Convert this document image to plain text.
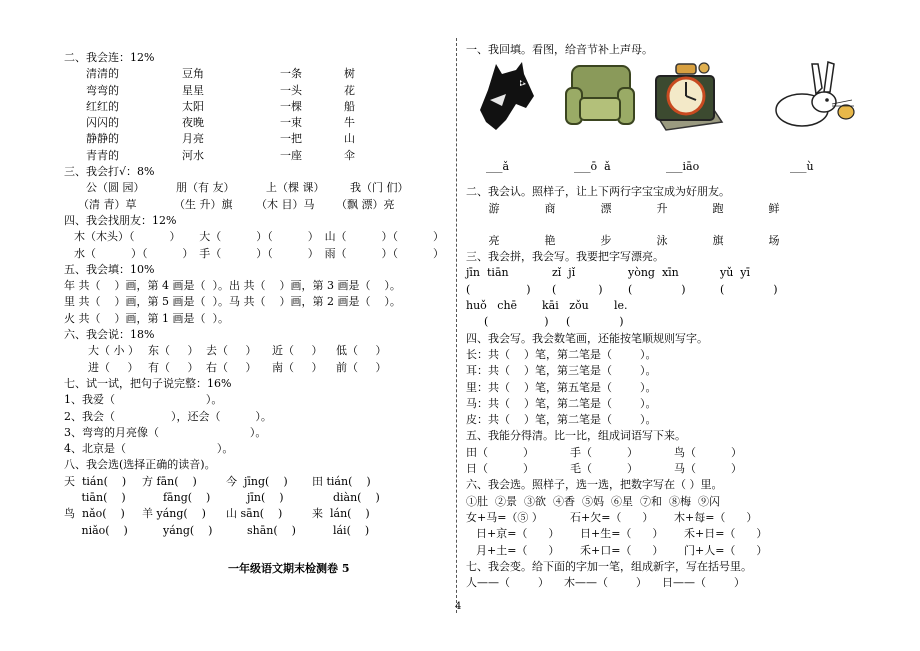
二、我会连：12%
清清的	豆角	一条	树
弯弯的	星星	一头	花
红红的	太阳	一棵	船
闪闪的	夜晚	一束	牛
静静的	月亮	一把	山
青青的	河水	一座	伞
三、我会打√：8%
公（圆 园）	朋（有 友）	上（棵 课）	我（门 们）
（清 青）草	（生 升）旗	（木 目）马	（飘 漂）亮
四、我会找朋友：12%
木（木头）（          ）	大（          ）（          ） 山（          ）（          ）
水（          ）（          ） 手（          ）（          ） 雨（          ）（          ）
五、我会填：10%
年 共（    ）画，第 4 画是（  ）。出 共（    ）画，第 3 画是（    ）。
里 共（    ）画，第 5 画是（  ）。马 共（    ）画，第 2 画是（    ）。
火 共（    ）画，第 1 画是（  ）。
六、我会说：18%
大（ 小 ） 东（     ） 去（     ）	近（     ）	低（     ）
进（     ） 有（     ） 右（     ）	南（     ）	前（     ）
七、试一试，把句子说完整：16%
1、我爱（                          ）。
2、我会（                ），还会（          ）。
3、弯弯的月亮像（                          ）。
4、北京是（                          ）。
八、我会选(选择正确的读音)。
天  tián(    )	方 fān(    )	今  jīng(    )	田 tián(    )
tiān(    )	fāng(    )	jīn(    )	diàn(    )
鸟  nǎo(    )	羊 yáng(    )	山 sān(    )	来  lán(    )
niǎo(    )	yáng(    )	shān(    )	lái(    )
一年级语文期末检测卷 5
一、我回填。看图，给音节补上声母。
___ǎ	___ō  ǎ	___iāo	___ù
二、我会认。照样子，让上下两行字宝宝成为好朋友。
游	商	漂	升	跑	鲜
亮	艳	步	泳	旗	场
三、我会拼，我会写。我要把字写漂亮。
jīn  tiān	zǐ  jǐ	yòng  xīn	yǔ  yī
(                )	(            )	(              )	(              )
huǒ   chē	kāi   zǒu	le.
(                )	(              )
四、我会写。我会数笔画，还能按笔顺规则写字。
长：共（    ）笔，第二笔是（        ）。
耳：共（    ）笔，第三笔是（        ）。
里：共（    ）笔，第五笔是（        ）。
马：共（    ）笔，第二笔是（        ）。
皮：共（    ）笔，第二笔是（        ）。
五、我能分得清。比一比，组成词语写下来。
田（          ）	手（          ）	鸟（          ）
日（          ）	毛（          ）	马（          ）
六、我会选。照样子，选一选，把数字写在（ ）里。
①肚  ②景  ③欲  ④香  ⑤妈  ⑥星  ⑦和  ⑧梅  ⑨闪
女+马=（⑤ ）	石+欠=（      ）	木+每=（      ）
日+京=（      ）	日+生=（      ）	禾+日=（      ）
月+土=（      ）	禾+口=（      ）	门+人=（      ）
七、我会变。给下面的字加一笔，组成新字，写在括号里。
人——（        ）	木——（        ）	日——（        ）
4
